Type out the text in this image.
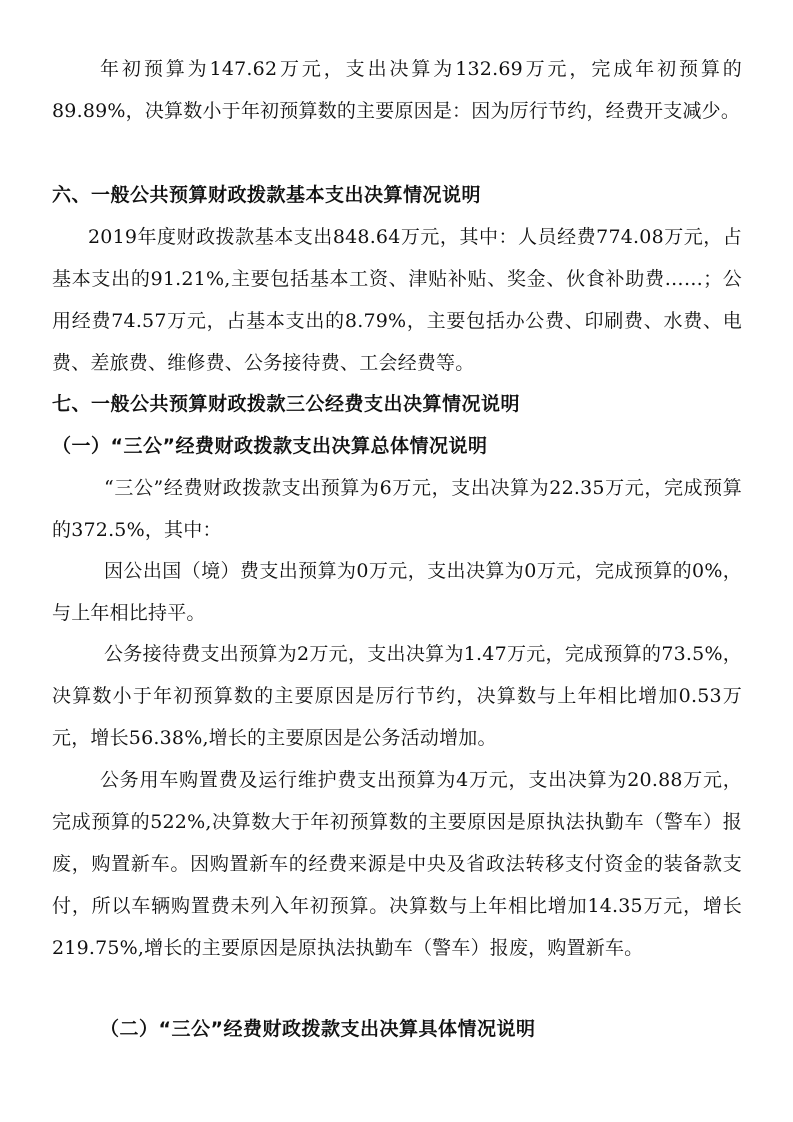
年初预算为147.62万元，支出决算为132.69万元，完成年初预算的89.89%，决算数小于年初预算数的主要原因是：因为厉行节约，经费开支减少。
六、一般公共预算财政拨款基本支出决算情况说明
2019年度财政拨款基本支出848.64万元，其中：人员经费774.08万元，占基本支出的91.21%,主要包括基本工资、津贴补贴、奖金、伙食补助费……；公用经费74.57万元，占基本支出的8.79%，主要包括办公费、印刷费、水费、电费、差旅费、维修费、公务接待费、工会经费等。
七、一般公共预算财政拨款三公经费支出决算情况说明
（一）“三公”经费财政拨款支出决算总体情况说明
“三公”经费财政拨款支出预算为6万元，支出决算为22.35万元，完成预算的372.5%，其中：
因公出国（境）费支出预算为0万元，支出决算为0万元，完成预算的0%，与上年相比持平。
公务接待费支出预算为2万元，支出决算为1.47万元，完成预算的73.5%，决算数小于年初预算数的主要原因是厉行节约，决算数与上年相比增加0.53万元，增长56.38%,增长的主要原因是公务活动增加。
公务用车购置费及运行维护费支出预算为4万元，支出决算为20.88万元，完成预算的522%,决算数大于年初预算数的主要原因是原执法执勤车（警车）报废，购置新车。因购置新车的经费来源是中央及省政法转移支付资金的装备款支付，所以车辆购置费未列入年初预算。决算数与上年相比增加14.35万元，增长219.75%,增长的主要原因是原执法执勤车（警车）报废，购置新车。
（二）“三公”经费财政拨款支出决算具体情况说明
